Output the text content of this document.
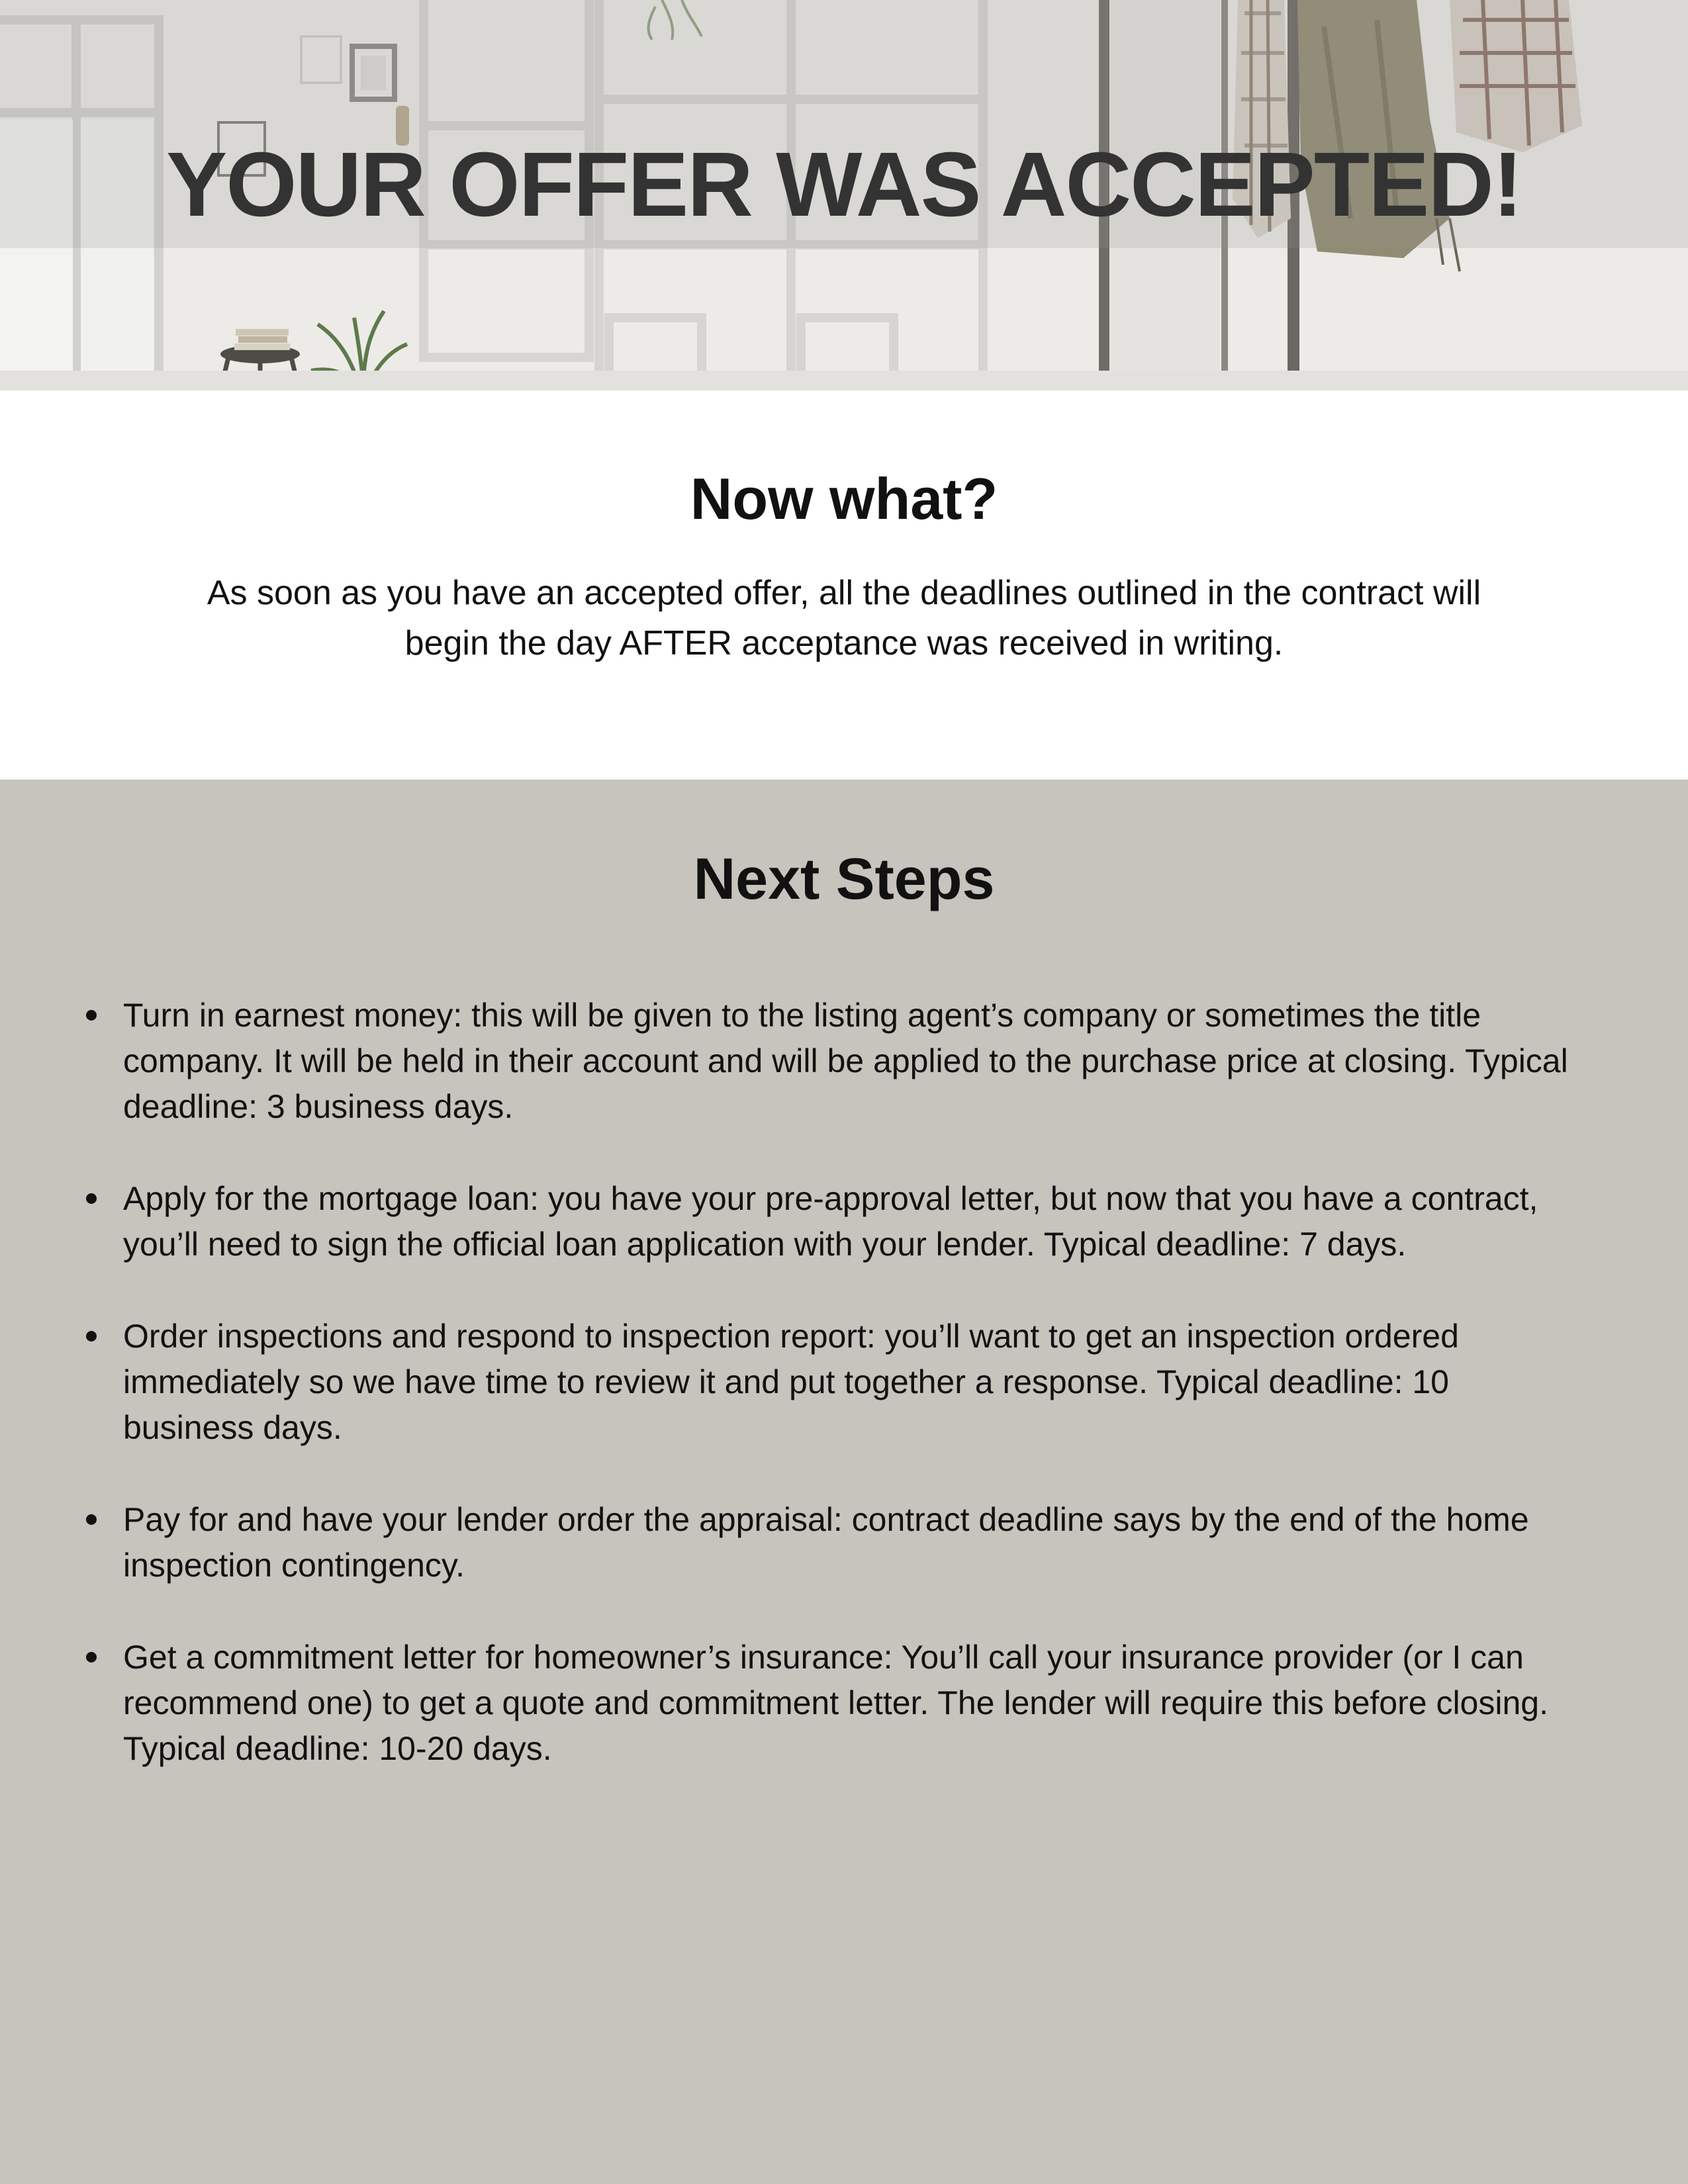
YOUR OFFER WAS ACCEPTED!
Now what?

As soon as you have an accepted offer, all the deadlines outlined in the contract will begin the day AFTER acceptance was received in writing.

Next Steps
Turn in earnest money: this will be given to the listing agent’s company or sometimes the title company. It will be held in their account and will be applied to the purchase price at closing. Typical deadline: 3 business days.
Apply for the mortgage loan: you have your pre-approval letter, but now that you have a contract, you’ll need to sign the official loan application with your lender. Typical deadline: 7 days.
Order inspections and respond to inspection report: you’ll want to get an inspection ordered immediately so we have time to review it and put together a response. Typical deadline: 10 business days.
Pay for and have your lender order the appraisal: contract deadline says by the end of the home inspection contingency.
Get a commitment letter for homeowner’s insurance: You’ll call your insurance provider (or I can recommend one) to get a quote and commitment letter. The lender will require this before closing. Typical deadline: 10-20 days.
